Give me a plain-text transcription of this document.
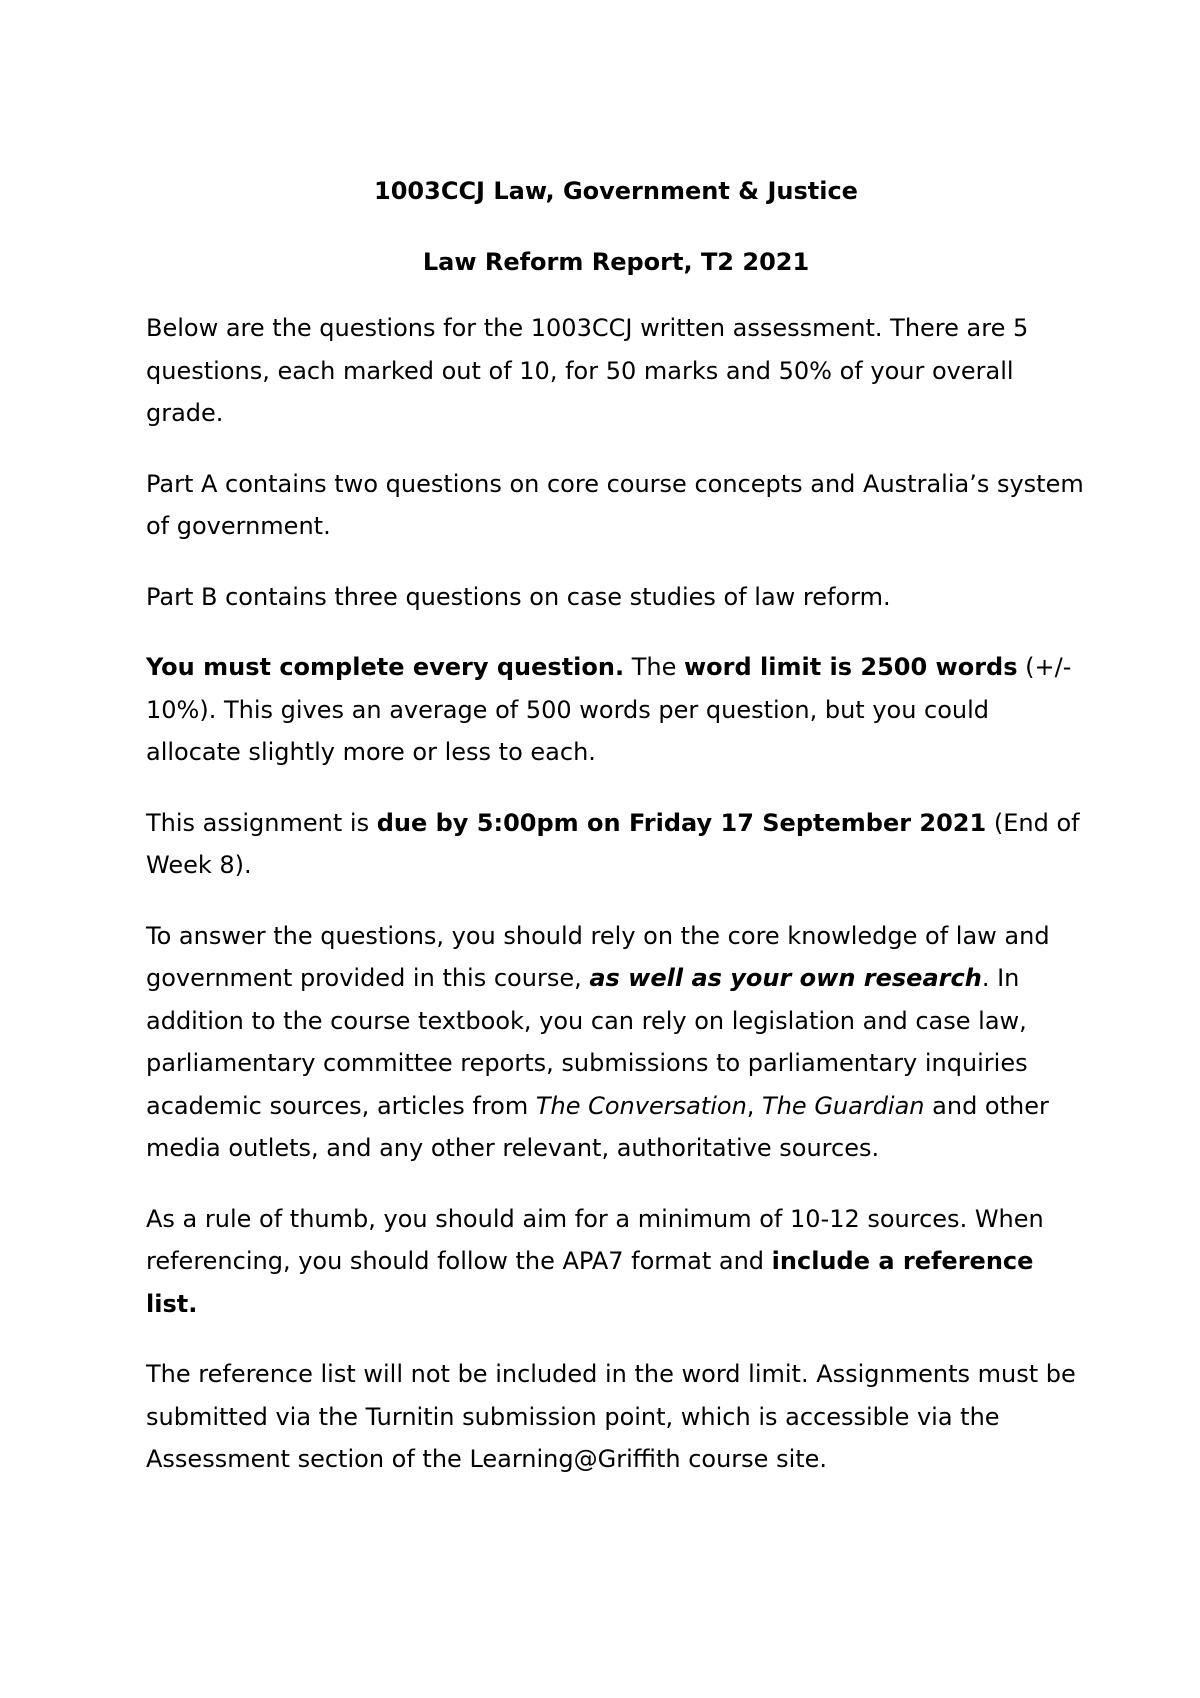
1003CCJ Law, Government & Justice
Law Reform Report, T2 2021

Below are the questions for the 1003CCJ written assessment. There are 5 questions, each marked out of 10, for 50 marks and 50% of your overall grade.

Part A contains two questions on core course concepts and Australia’s system of government.

Part B contains three questions on case studies of law reform.

You must complete every question. The word limit is 2500 words (+/- 10%). This gives an average of 500 words per question, but you could allocate slightly more or less to each.

This assignment is due by 5:00pm on Friday 17 September 2021 (End of Week 8).

To answer the questions, you should rely on the core knowledge of law and government provided in this course, as well as your own research. In addition to the course textbook, you can rely on legislation and case law, parliamentary committee reports, submissions to parliamentary inquiries academic sources, articles from The Conversation, The Guardian and other media outlets, and any other relevant, authoritative sources.

As a rule of thumb, you should aim for a minimum of 10-12 sources. When referencing, you should follow the APA7 format and include a reference list.

The reference list will not be included in the word limit. Assignments must be submitted via the Turnitin submission point, which is accessible via the Assessment section of the Learning@Griffith course site.
